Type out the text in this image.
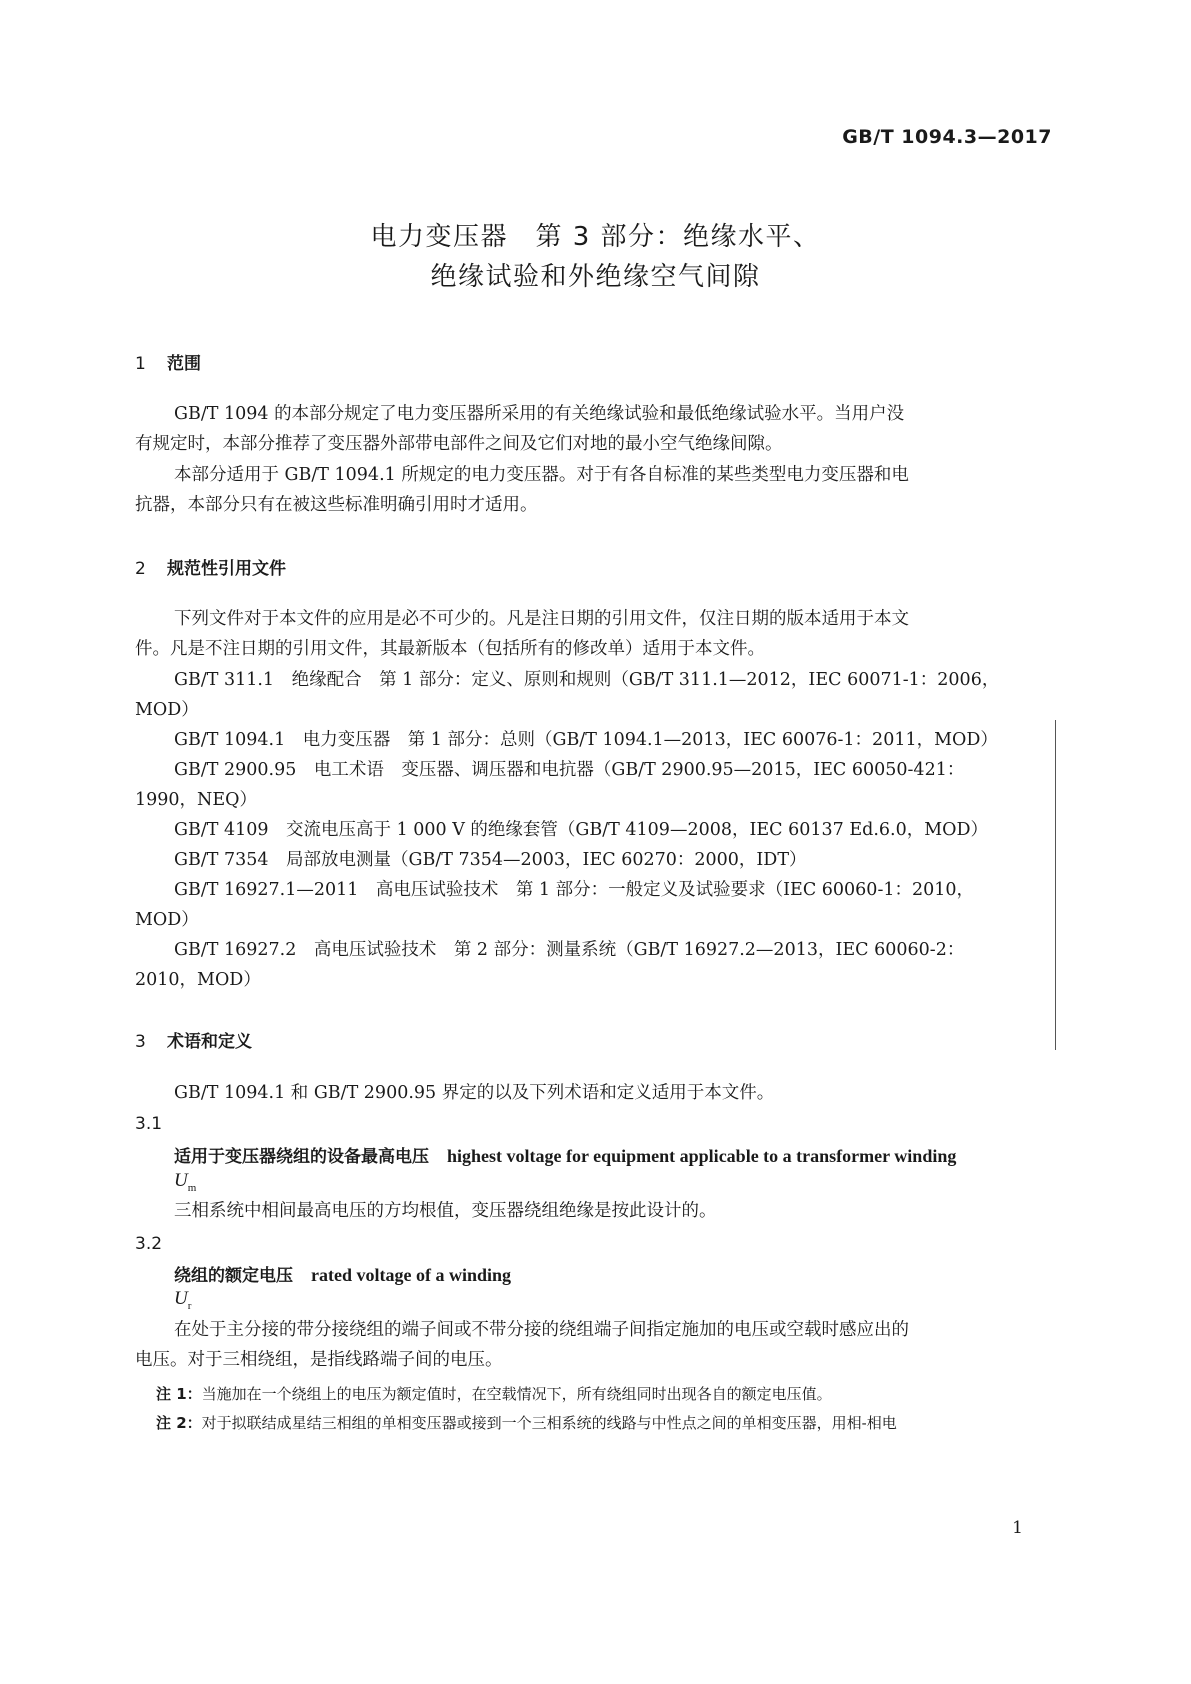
GB/T 1094.3—2017
电力变压器　第 3 部分：绝缘水平、
绝缘试验和外绝缘空气间隙
1 范围
GB/T 1094 的本部分规定了电力变压器所采用的有关绝缘试验和最低绝缘试验水平。当用户没
有规定时，本部分推荐了变压器外部带电部件之间及它们对地的最小空气绝缘间隙。
本部分适用于 GB/T 1094.1 所规定的电力变压器。对于有各自标准的某些类型电力变压器和电
抗器，本部分只有在被这些标准明确引用时才适用。
2 规范性引用文件
下列文件对于本文件的应用是必不可少的。凡是注日期的引用文件，仅注日期的版本适用于本文
件。凡是不注日期的引用文件，其最新版本（包括所有的修改单）适用于本文件。
GB/T 311.1　绝缘配合　第 1 部分：定义、原则和规则（GB/T 311.1—2012，IEC 60071-1：2006，
MOD）
GB/T 1094.1　电力变压器　第 1 部分：总则（GB/T 1094.1—2013，IEC 60076-1：2011，MOD）
GB/T 2900.95　电工术语　变压器、调压器和电抗器（GB/T 2900.95—2015，IEC 60050-421：
1990，NEQ）
GB/T 4109　交流电压高于 1 000 V 的绝缘套管（GB/T 4109—2008，IEC 60137 Ed.6.0，MOD）
GB/T 7354　局部放电测量（GB/T 7354—2003，IEC 60270：2000，IDT）
GB/T 16927.1—2011　高电压试验技术　第 1 部分：一般定义及试验要求（IEC 60060-1：2010，
MOD）
GB/T 16927.2　高电压试验技术　第 2 部分：测量系统（GB/T 16927.2—2013，IEC 60060-2：
2010，MOD）
3 术语和定义
GB/T 1094.1 和 GB/T 2900.95 界定的以及下列术语和定义适用于本文件。
3.1
适用于变压器绕组的设备最高电压 highest voltage for equipment applicable to a transformer winding
$U_m$
三相系统中相间最高电压的方均根值，变压器绕组绝缘是按此设计的。
3.2
绕组的额定电压 rated voltage of a winding
$U_r$
在处于主分接的带分接绕组的端子间或不带分接的绕组端子间指定施加的电压或空载时感应出的
电压。对于三相绕组，是指线路端子间的电压。
注 1：当施加在一个绕组上的电压为额定值时，在空载情况下，所有绕组同时出现各自的额定电压值。
注 2：对于拟联结成星结三相组的单相变压器或接到一个三相系统的线路与中性点之间的单相变压器，用相-相电
1
